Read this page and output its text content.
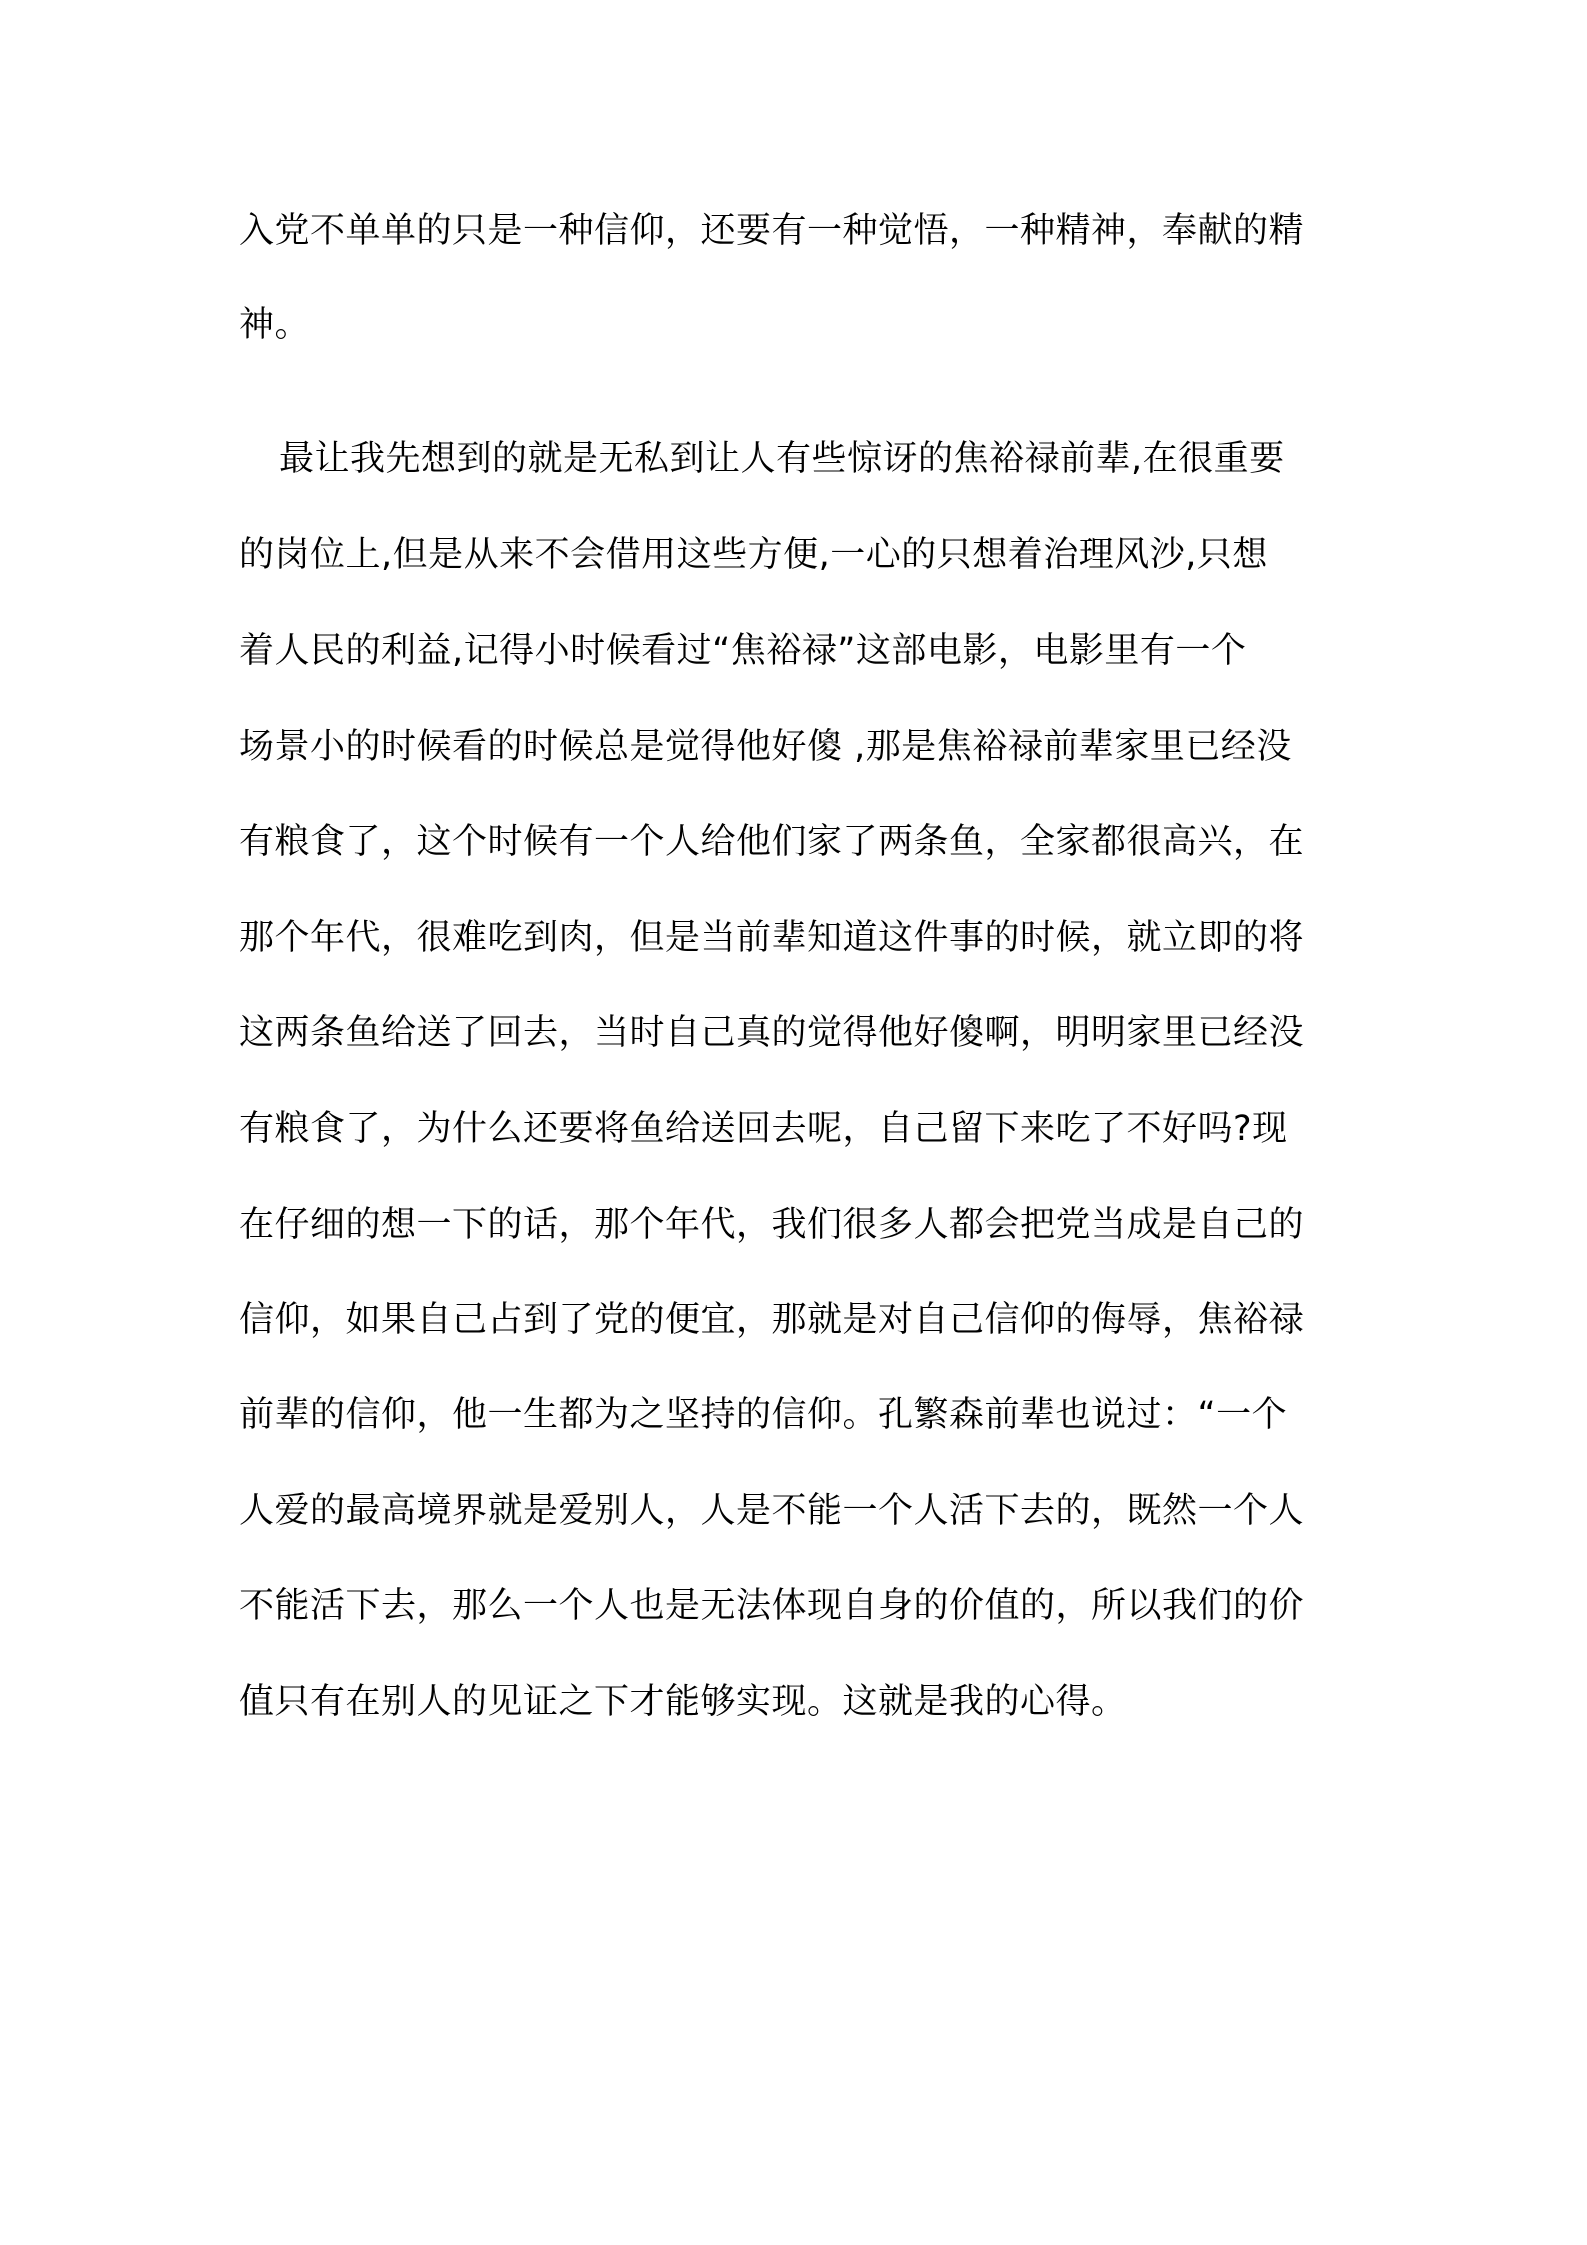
入党不单单的只是一种信仰，还要有一种觉悟，一种精神，奉献的精
神。
最让我先想到的就是无私到让人有些惊讶的焦裕禄前辈,在很重要
的岗位上,但是从来不会借用这些方便,一心的只想着治理风沙,只想
着人民的利益,记得小时候看过“焦裕禄”这部电影，电影里有一个
场景小的时候看的时候总是觉得他好傻 ,那是焦裕禄前辈家里已经没
有粮食了，这个时候有一个人给他们家了两条鱼，全家都很高兴，在
那个年代，很难吃到肉，但是当前辈知道这件事的时候，就立即的将
这两条鱼给送了回去，当时自己真的觉得他好傻啊，明明家里已经没
有粮食了，为什么还要将鱼给送回去呢，自己留下来吃了不好吗?现
在仔细的想一下的话，那个年代，我们很多人都会把党当成是自己的
信仰，如果自己占到了党的便宜，那就是对自己信仰的侮辱，焦裕禄
前辈的信仰，他一生都为之坚持的信仰。孔繁森前辈也说过：“一个
人爱的最高境界就是爱别人，人是不能一个人活下去的，既然一个人
不能活下去，那么一个人也是无法体现自身的价值的，所以我们的价
值只有在别人的见证之下才能够实现。这就是我的心得。
